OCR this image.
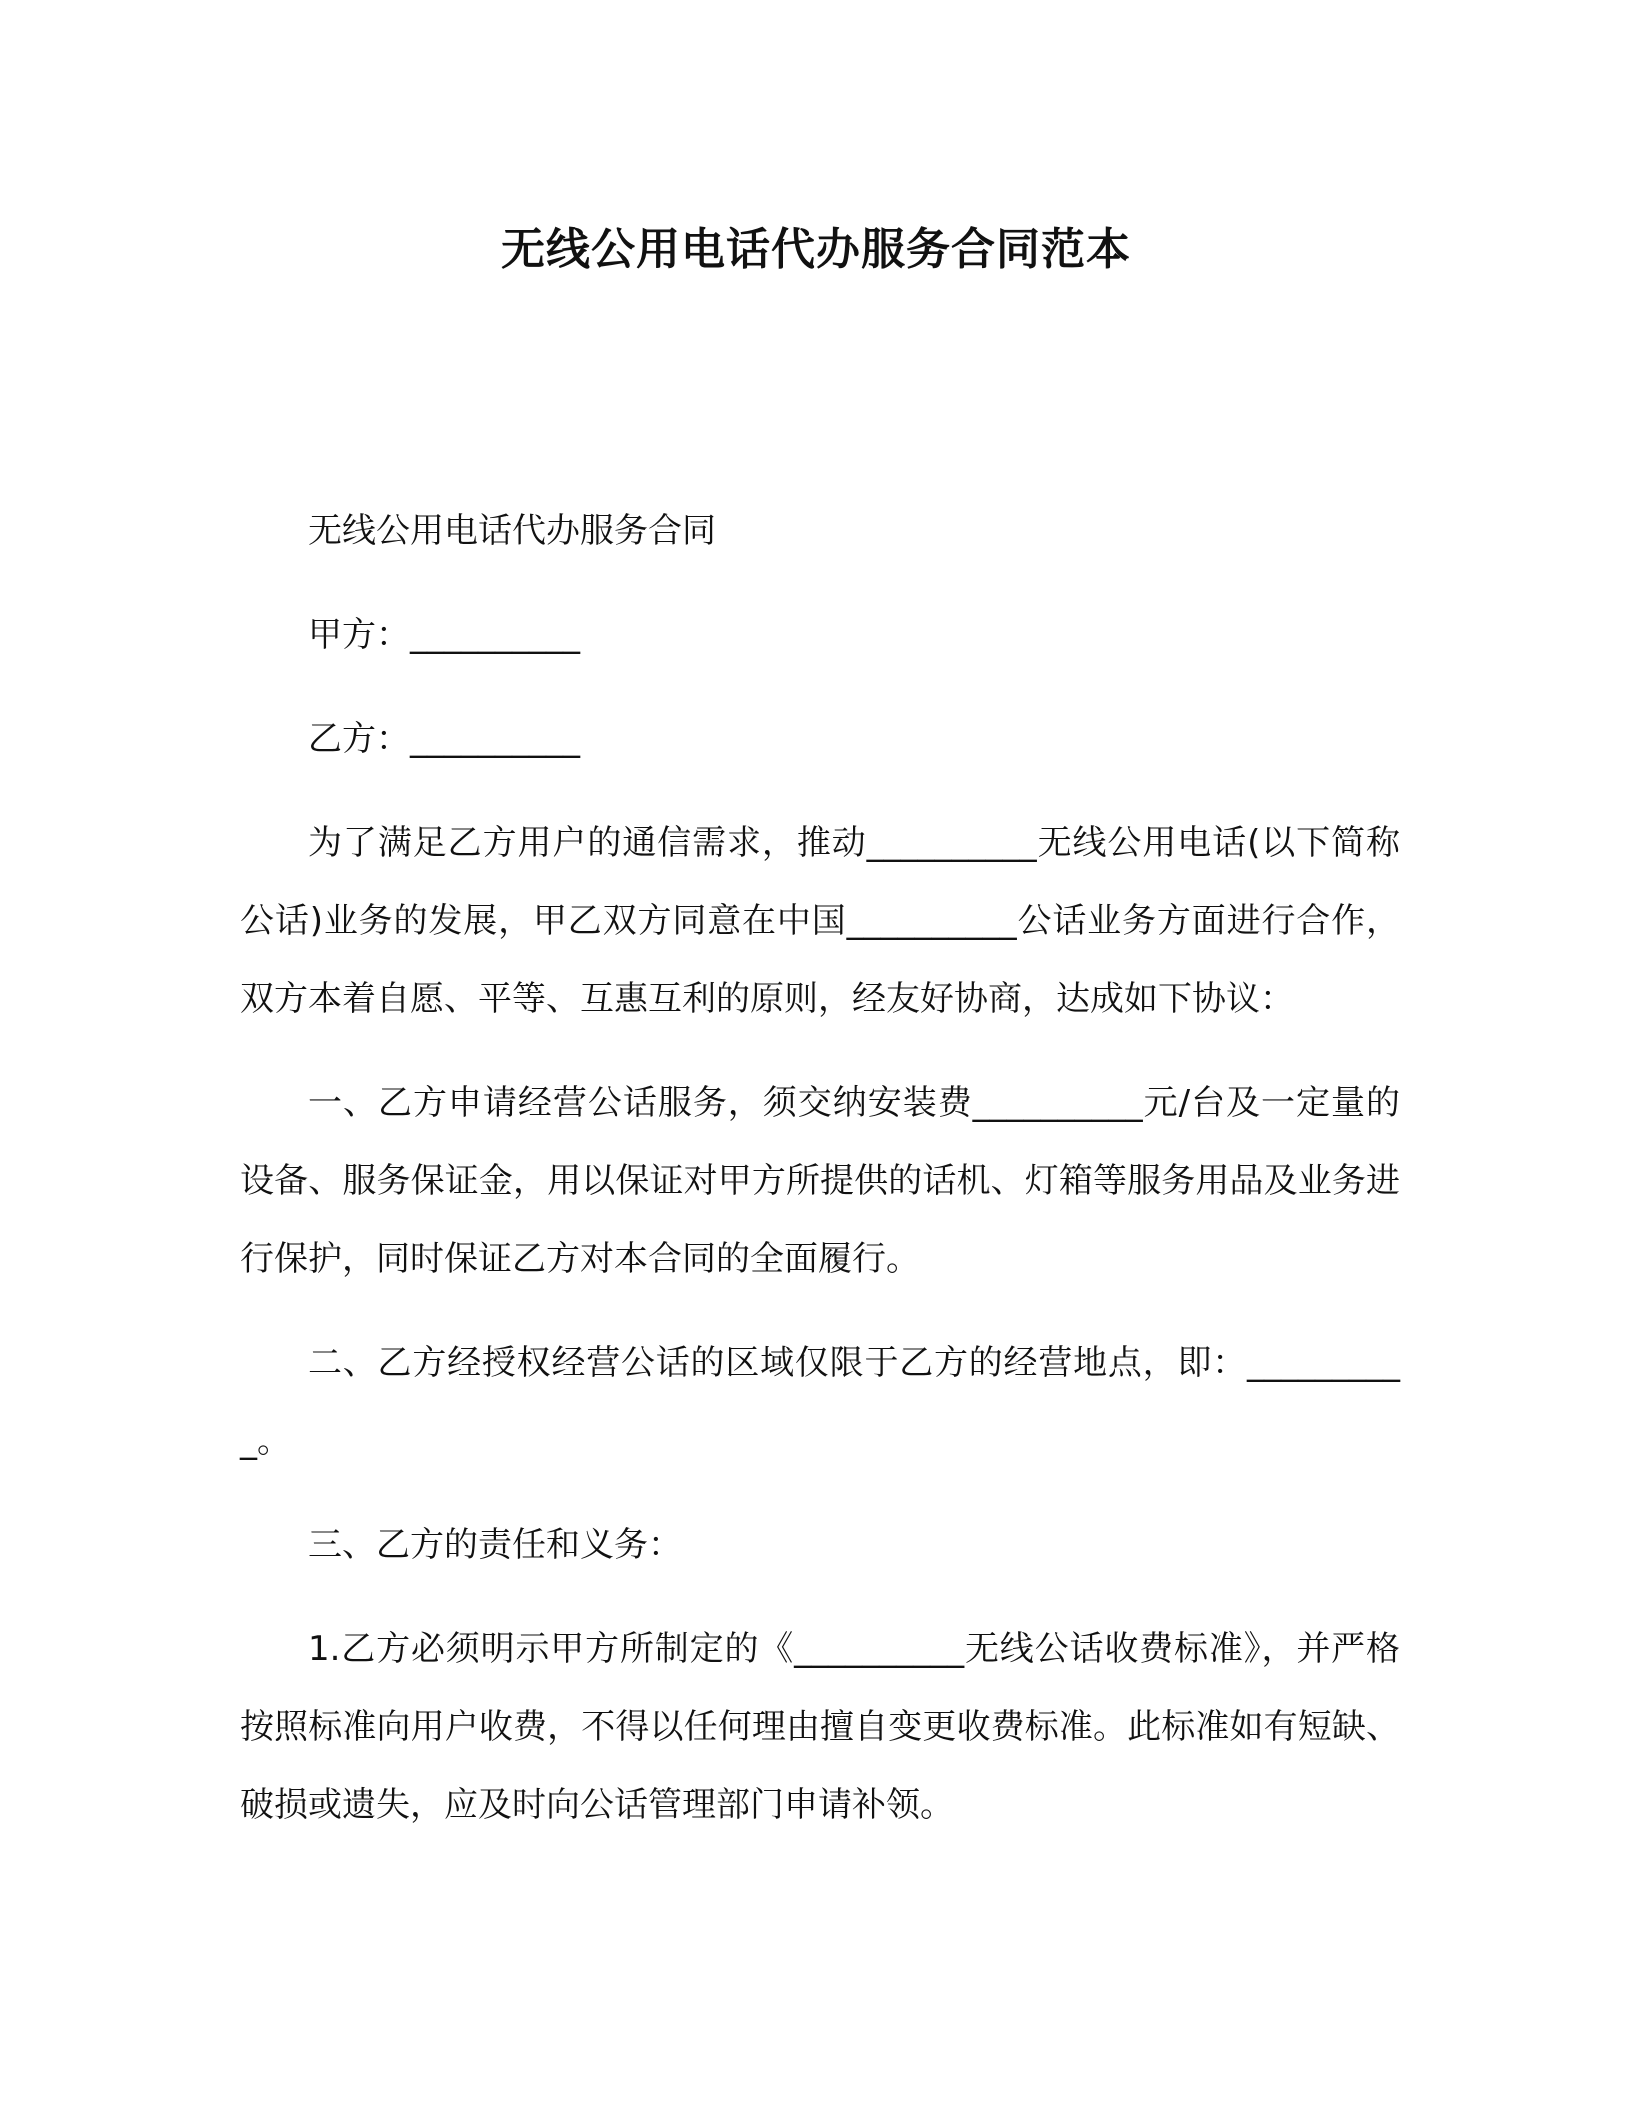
无线公用电话代办服务合同范本

无线公用电话代办服务合同

甲方：__________

乙方：__________

为了满足乙方用户的通信需求，推动__________无线公用电话(以下简称公话)业务的发展，甲乙双方同意在中国__________公话业务方面进行合作，双方本着自愿、平等、互惠互利的原则，经友好协商，达成如下协议：

一、乙方申请经营公话服务，须交纳安装费__________元/台及一定量的设备、服务保证金，用以保证对甲方所提供的话机、灯箱等服务用品及业务进行保护，同时保证乙方对本合同的全面履行。

二、乙方经授权经营公话的区域仅限于乙方的经营地点，即：__________。

三、乙方的责任和义务：

1.乙方必须明示甲方所制定的《__________无线公话收费标准》，并严格按照标准向用户收费，不得以任何理由擅自变更收费标准。此标准如有短缺、破损或遗失，应及时向公话管理部门申请补领。
